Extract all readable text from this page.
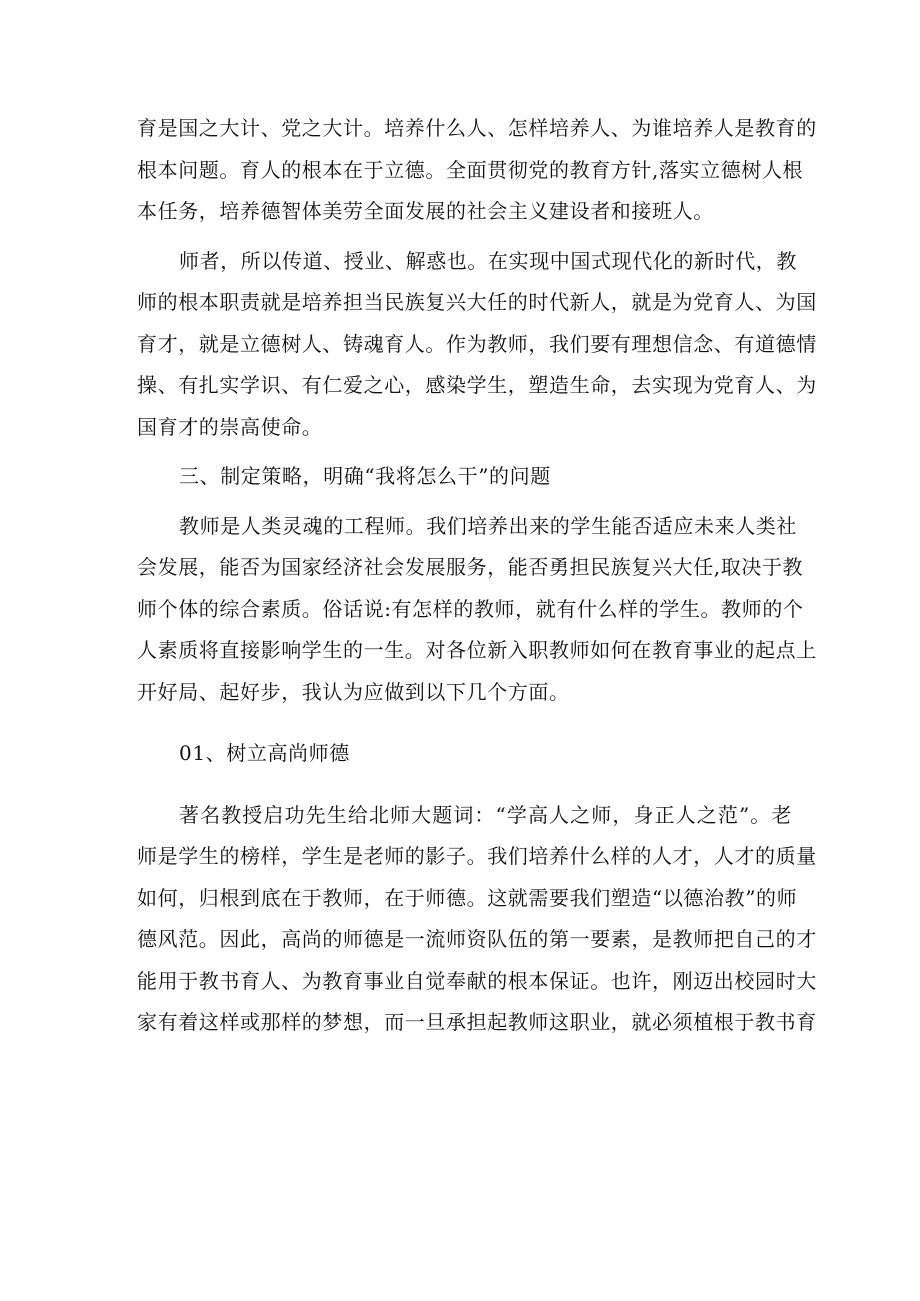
育是国之大计、党之大计。培养什么人、怎样培养人、为谁培养人是教育的
根本问题。育人的根本在于立德。全面贯彻党的教育方针,落实立德树人根
本任务，培养德智体美劳全面发展的社会主义建设者和接班人。
师者，所以传道、授业、解惑也。在实现中国式现代化的新时代，教
师的根本职责就是培养担当民族复兴大任的时代新人，就是为党育人、为国
育才，就是立德树人、铸魂育人。作为教师，我们要有理想信念、有道德情
操、有扎实学识、有仁爱之心，感染学生，塑造生命，去实现为党育人、为
国育才的崇高使命。
三、制定策略，明确“我将怎么干”的问题
教师是人类灵魂的工程师。我们培养出来的学生能否适应未来人类社
会发展，能否为国家经济社会发展服务，能否勇担民族复兴大任,取决于教
师个体的综合素质。俗话说:有怎样的教师，就有什么样的学生。教师的个
人素质将直接影响学生的一生。对各位新入职教师如何在教育事业的起点上
开好局、起好步，我认为应做到以下几个方面。
01、树立高尚师德
著名教授启功先生给北师大题词：“学高人之师，身正人之范”。老
师是学生的榜样，学生是老师的影子。我们培养什么样的人才，人才的质量
如何，归根到底在于教师，在于师德。这就需要我们塑造“以德治教”的师
德风范。因此，高尚的师德是一流师资队伍的第一要素，是教师把自己的才
能用于教书育人、为教育事业自觉奉献的根本保证。也许，刚迈出校园时大
家有着这样或那样的梦想，而一旦承担起教师这职业，就必须植根于教书育
